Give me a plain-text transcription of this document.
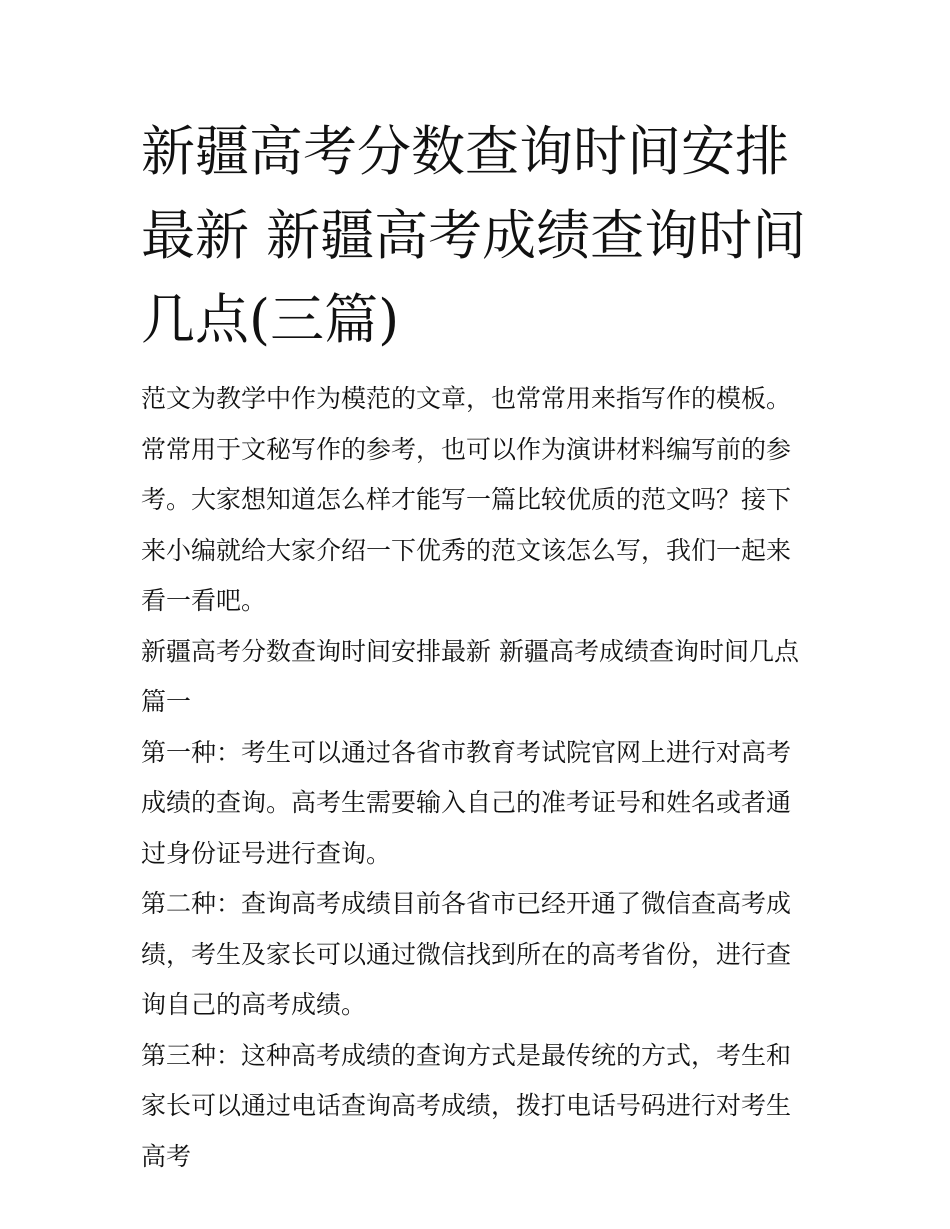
新疆高考分数查询时间安排最新 新疆高考成绩查询时间几点(三篇)

范文为教学中作为模范的文章，也常常用来指写作的模板。常常用于文秘写作的参考，也可以作为演讲材料编写前的参考。大家想知道怎么样才能写一篇比较优质的范文吗？接下来小编就给大家介绍一下优秀的范文该怎么写，我们一起来看一看吧。

新疆高考分数查询时间安排最新 新疆高考成绩查询时间几点篇一

第一种：考生可以通过各省市教育考试院官网上进行对高考成绩的查询。高考生需要输入自己的准考证号和姓名或者通过身份证号进行查询。

第二种：查询高考成绩目前各省市已经开通了微信查高考成绩，考生及家长可以通过微信找到所在的高考省份，进行查询自己的高考成绩。

第三种：这种高考成绩的查询方式是最传统的方式，考生和家长可以通过电话查询高考成绩，拨打电话号码进行对考生高考
